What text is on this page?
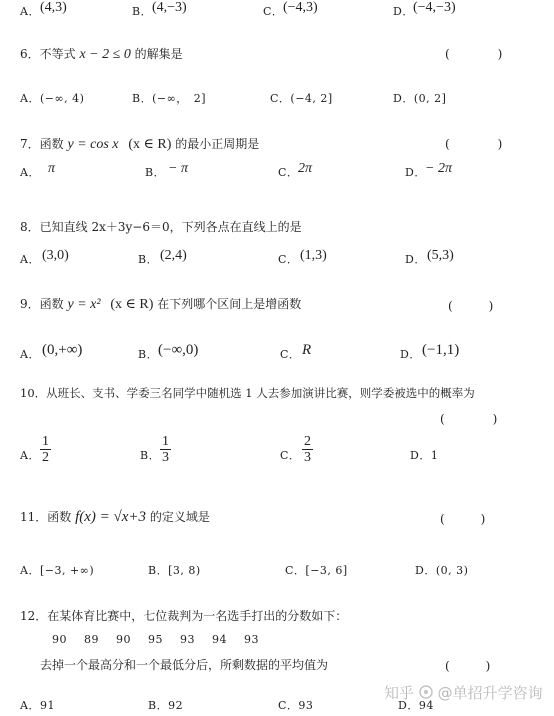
A． (4,3)	B． (4,−3)	C． (−4,3)	D． (−4,−3)
6．不等式 x − 2 ≤ 0 的解集是	(　　　　)
A．(−∞, 4)	B．(−∞，　2]	C．(−4, 2]	D．(0, 2]
7．函数 y = cos x (x ∈ R) 的最小正周期是	(　　　　)
A． π	B． − π	C． 2π	D． − 2π
8．已知直线 2x＋3y−6＝0，下列各点在直线上的是
A． (3,0)	B． (2,4)	C． (1,3)	D． (5,3)
9．函数 y = x² (x ∈ R) 在下列哪个区间上是增函数	(　　　)
A． (0,+∞)	B． (−∞,0)	C． R	D． (−1,1)
10．从班长、支书、学委三名同学中随机选 1 人去参加演讲比赛，则学委被选中的概率为
(　　　　)
A． $\frac{1}{2}$	B． $\frac{1}{3}$	C． $\frac{2}{3}$	D．1
11．函数 f(x) = √x+3 的定义域是	(　　　)
A．[−3, +∞)	B．[3, 8)	C．[−3, 6]	D．(0, 3)
12．在某体育比赛中，七位裁判为一名选手打出的分数如下：
90 89 90 95 93 94 93
去掉一个最高分和一个最低分后，所剩数据的平均值为	(　　　)
A．91	B．92	C．93	D．94
知乎 @单招升学咨询
